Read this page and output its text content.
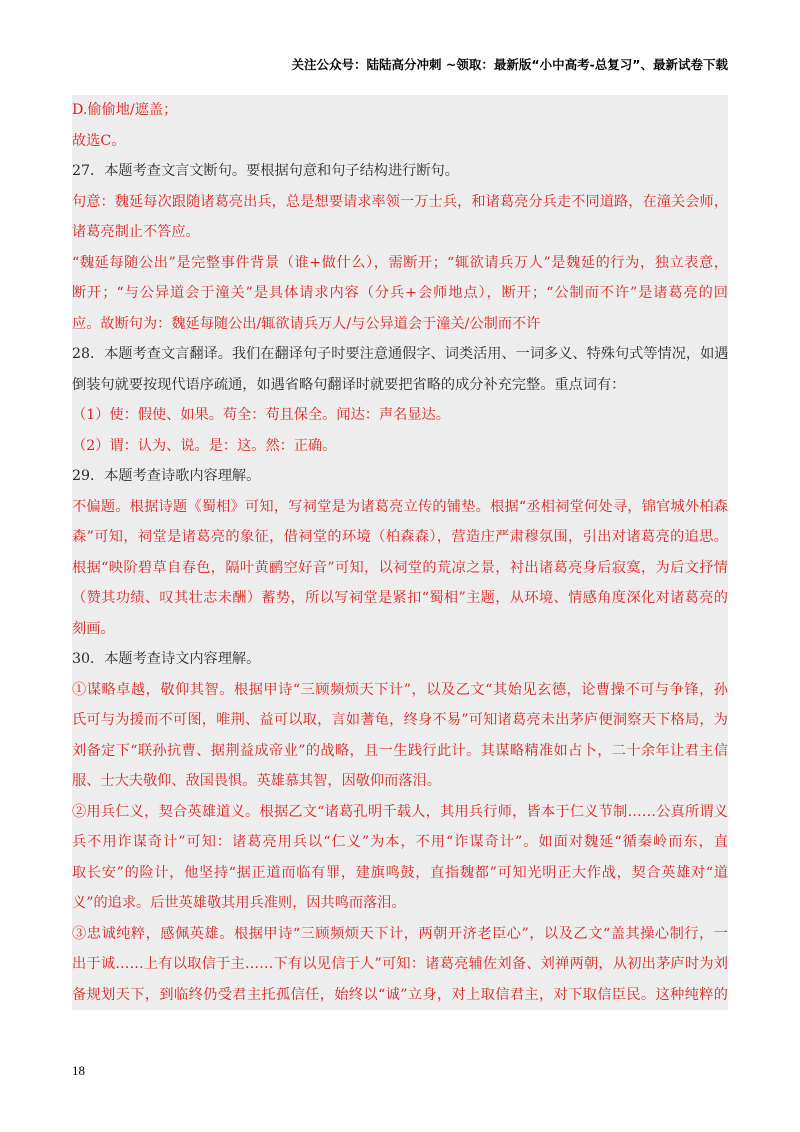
关注公众号：陆陆高分冲刺 ~领取：最新版“小中高考-总复习”、最新试卷下载
D.偷偷地/遮盖；
故选C。
27．本题考查文言文断句。要根据句意和句子结构进行断句。
句意：魏延每次跟随诸葛亮出兵，总是想要请求率领一万士兵，和诸葛亮分兵走不同道路，在潼关会师，
诸葛亮制止不答应。
“魏延每随公出”是完整事件背景（谁+做什么），需断开；“辄欲请兵万人”是魏延的行为，独立表意，
断开；“与公异道会于潼关”是具体请求内容（分兵+会师地点），断开；“公制而不许”是诸葛亮的回
应。故断句为：魏延每随公出/辄欲请兵万人/与公异道会于潼关/公制而不许
28．本题考查文言翻译。我们在翻译句子时要注意通假字、词类活用、一词多义、特殊句式等情况，如遇
倒装句就要按现代语序疏通，如遇省略句翻译时就要把省略的成分补充完整。重点词有：
（1）使：假使、如果。苟全：苟且保全。闻达：声名显达。
（2）谓：认为、说。是：这。然：正确。
29．本题考查诗歌内容理解。
不偏题。根据诗题《蜀相》可知，写祠堂是为诸葛亮立传的铺垫。根据“丞相祠堂何处寻，锦官城外柏森
森”可知，祠堂是诸葛亮的象征，借祠堂的环境（柏森森），营造庄严肃穆氛围，引出对诸葛亮的追思。
根据“映阶碧草自春色，隔叶黄鹂空好音”可知，以祠堂的荒凉之景，衬出诸葛亮身后寂寞，为后文抒情
（赞其功绩、叹其壮志未酬）蓄势，所以写祠堂是紧扣“蜀相”主题，从环境、情感角度深化对诸葛亮的
刻画。
30．本题考查诗文内容理解。
①谋略卓越，敬仰其智。根据甲诗“三顾频烦天下计”，以及乙文“其始见玄德，论曹操不可与争锋，孙
氏可与为援而不可图，唯荆、益可以取，言如蓍龟，终身不易”可知诸葛亮未出茅庐便洞察天下格局，为
刘备定下“联孙抗曹、据荆益成帝业”的战略，且一生践行此计。其谋略精准如占卜，二十余年让君主信
服、士大夫敬仰、敌国畏惧。英雄慕其智，因敬仰而落泪。
②用兵仁义，契合英雄道义。根据乙文“诸葛孔明千载人，其用兵行师，皆本于仁义节制……公真所谓义
兵不用诈谋奇计”可知：诸葛亮用兵以“仁义”为本，不用“诈谋奇计”。如面对魏延“循秦岭而东，直
取长安”的险计，他坚持“据正道而临有罪，建旗鸣鼓，直指魏都”可知光明正大作战，契合英雄对“道
义”的追求。后世英雄敬其用兵准则，因共鸣而落泪。
③忠诚纯粹，感佩英雄。根据甲诗“三顾频烦天下计，两朝开济老臣心”，以及乙文“盖其操心制行，一
出于诚……上有以取信于主……下有以见信于人”可知：诸葛亮辅佐刘备、刘禅两朝，从初出茅庐时为刘
备规划天下，到临终仍受君主托孤信任，始终以“诚”立身，对上取信君主，对下取信臣民。这种纯粹的
18
